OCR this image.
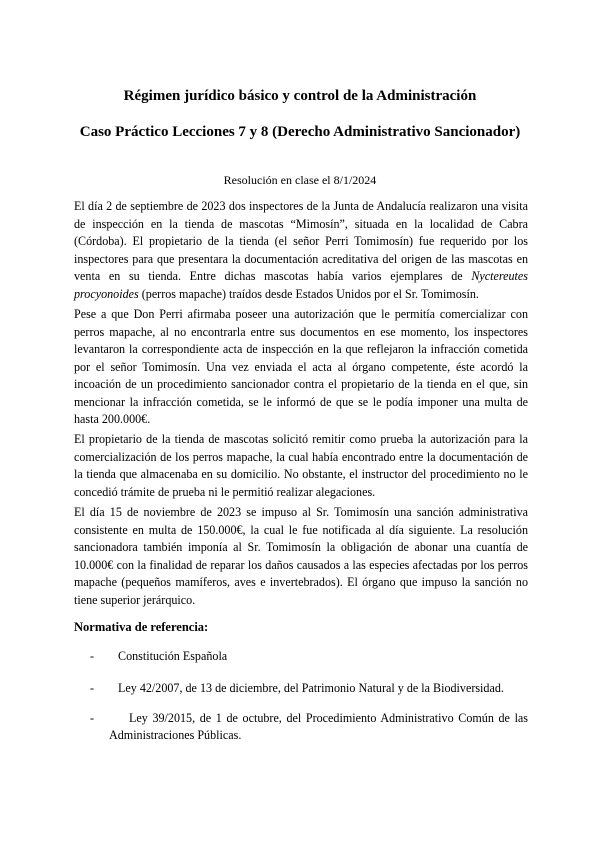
Régimen jurídico básico y control de la Administración
Caso Práctico Lecciones 7 y 8 (Derecho Administrativo Sancionador)

Resolución en clase el 8/1/2024

El día 2 de septiembre de 2023 dos inspectores de la Junta de Andalucía realizaron una visita de inspección en la tienda de mascotas “Mimosín”, situada en la localidad de Cabra (Córdoba). El propietario de la tienda (el señor Perri Tomimosín) fue requerido por los inspectores para que presentara la documentación acreditativa del origen de las mascotas en venta en su tienda. Entre dichas mascotas había varios ejemplares de Nyctereutes procyonoides (perros mapache) traídos desde Estados Unidos por el Sr. Tomimosín.

Pese a que Don Perri afirmaba poseer una autorización que le permitía comercializar con perros mapache, al no encontrarla entre sus documentos en ese momento, los inspectores levantaron la correspondiente acta de inspección en la que reflejaron la infracción cometida por el señor Tomimosín. Una vez enviada el acta al órgano competente, éste acordó la incoación de un procedimiento sancionador contra el propietario de la tienda en el que, sin mencionar la infracción cometida, se le informó de que se le podía imponer una multa de hasta 200.000€.

El propietario de la tienda de mascotas solicitó remitir como prueba la autorización para la comercialización de los perros mapache, la cual había encontrado entre la documentación de la tienda que almacenaba en su domicilio. No obstante, el instructor del procedimiento no le concedió trámite de prueba ni le permitió realizar alegaciones.

El día 15 de noviembre de 2023 se impuso al Sr. Tomimosín una sanción administrativa consistente en multa de 150.000€, la cual le fue notificada al día siguiente. La resolución sancionadora también imponía al Sr. Tomimosín la obligación de abonar una cuantía de 10.000€ con la finalidad de reparar los daños causados a las especies afectadas por los perros mapache (pequeños mamíferos, aves e invertebrados). El órgano que impuso la sanción no tiene superior jerárquico.

Normativa de referencia:

-	Constitución Española
-	Ley 42/2007, de 13 de diciembre, del Patrimonio Natural y de la Biodiversidad.
-	Ley 39/2015, de 1 de octubre, del Procedimiento Administrativo Común de las Administraciones Públicas.
